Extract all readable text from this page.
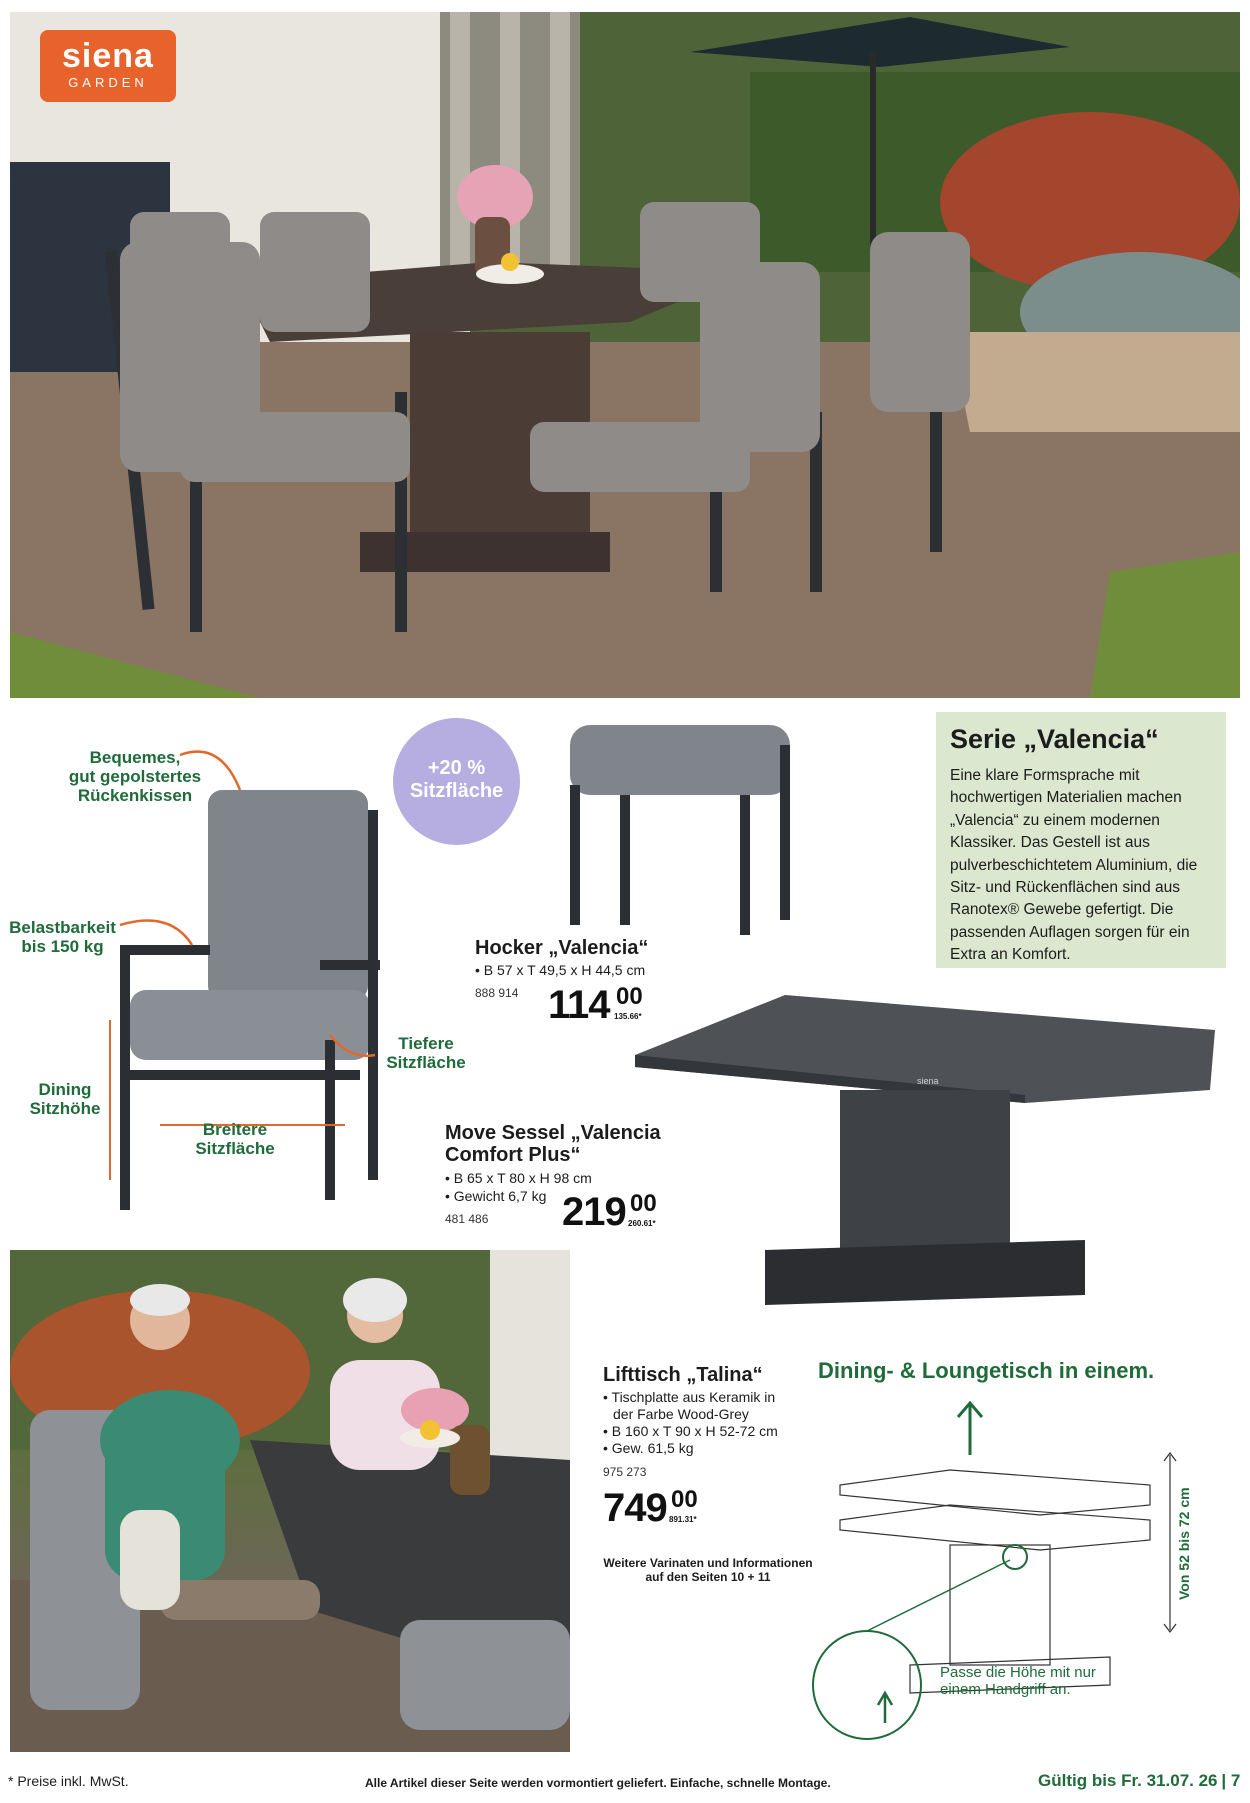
siena
GARDEN
Bequemes,
gut gepolstertes
Rückenkissen
Belastbarkeit
bis 150 kg
Dining
Sitzhöhe
Breitere
Sitzfläche
Tiefere
Sitzfläche
+20 %
Sitzfläche
Hocker „Valencia“
• B 57 x T 49,5 x H 44,5 cm
888 914 114 00
135.66*
Serie „Valencia“
Eine klare Formsprache mit hochwertigen Materialien machen „Valencia“ zu einem modernen Klassiker. Das Gestell ist aus pulverbeschichtetem Aluminium, die Sitz- und Rückenflächen sind aus Ranotex® Gewebe gefertigt. Die passenden Auflagen sorgen für ein Extra an Komfort.
siena
Move Sessel „Valencia
Comfort Plus“
• B 65 x T 80 x H 98 cm
• Gewicht 6,7 kg
481 486 219 00
260.61*
Lifttisch „Talina“
• Tischplatte aus Keramik in
der Farbe Wood-Grey
• B 160 x T 90 x H 52-72 cm
• Gew. 61,5 kg
975 273
749 00
891.31*
Weitere Varinaten und Informationen
auf den Seiten 10 + 11
Dining- & Loungetisch in einem.
Von 52 bis 72 cm
Passe die Höhe mit nur
einem Handgriff an.
* Preise inkl. MwSt.	Alle Artikel dieser Seite werden vormontiert geliefert. Einfache, schnelle Montage.	Gültig bis Fr. 31.07. 26 | 7
